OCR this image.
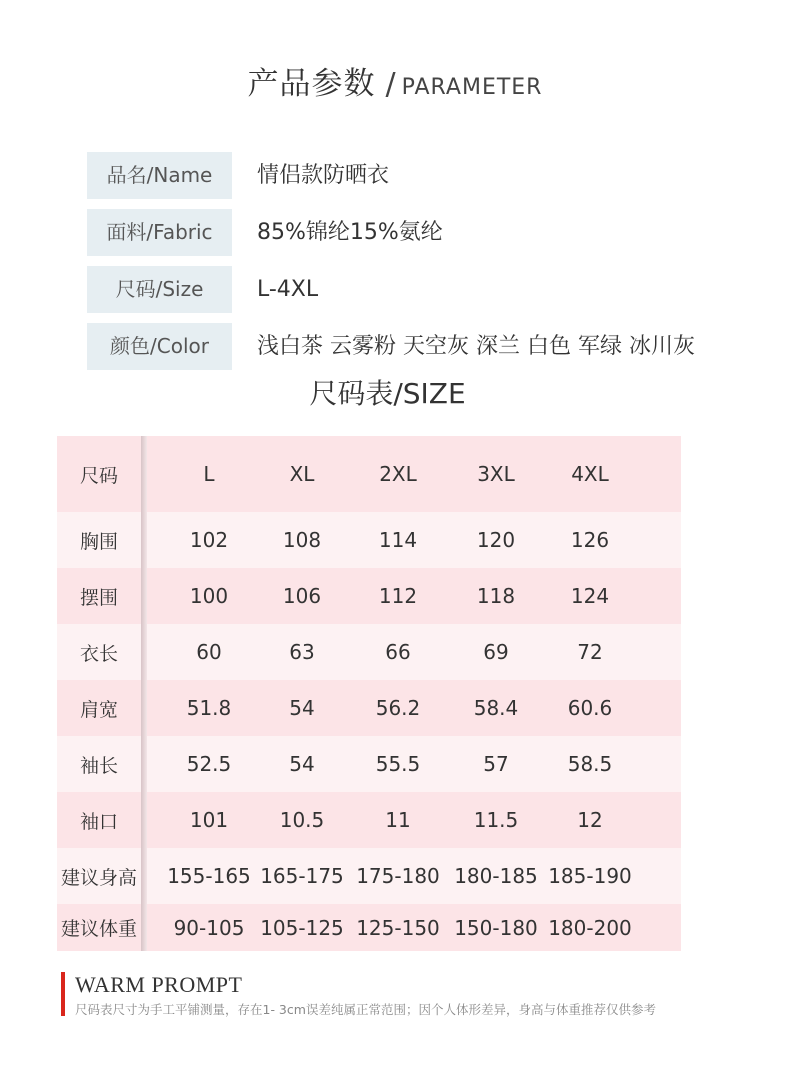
产品参数 / PARAMETER
品名/Name	情侣款防晒衣
面料/Fabric	85%锦纶15%氨纶
尺码/Size	L-4XL
颜色/Color	浅白茶 云雾粉 天空灰 深兰 白色 军绿 冰川灰
尺码表/SIZE
尺码	L	XL	2XL	3XL	4XL
胸围	102	108	114	120	126
摆围	100	106	112	118	124
衣长	60	63	66	69	72
肩宽	51.8	54	56.2	58.4	60.6
袖长	52.5	54	55.5	57	58.5
袖口	101	10.5	11	11.5	12
建议身高	155-165 165-175 175-180 180-185 185-190
建议体重	90-105 105-125 125-150 150-180 180-200
WARM PROMPT
尺码表尺寸为手工平铺测量，存在1- 3cm误差纯属正常范围；因个人体形差异，身高与体重推荐仅供参考
